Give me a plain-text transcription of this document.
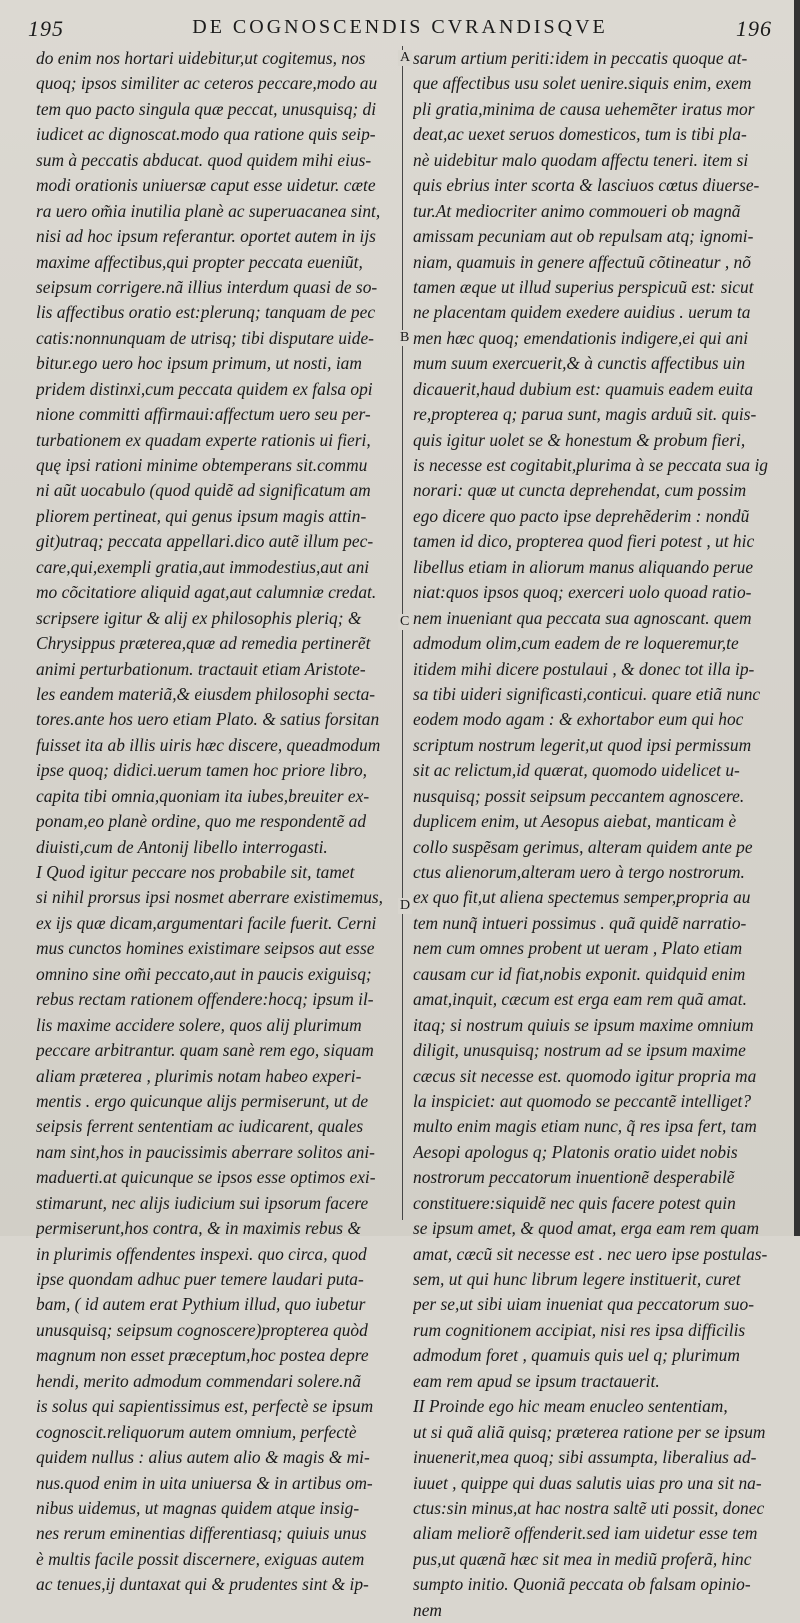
195	DE COGNOSCENDIS CVRANDISQVE	196
A
B
C
D
do enim nos hortari uidebitur,ut cogitemus, nos
quoq; ipsos similiter ac ceteros peccare,modo au
tem quo pacto singula quæ peccat, unusquisq; di
iudicet ac dignoscat.modo qua ratione quis seip-
sum à peccatis abducat. quod quidem mihi eius-
modi orationis uniuersæ caput esse uidetur. cæte
ra uero om̃ia inutilia planè ac superuacanea sint,
nisi ad hoc ipsum referantur. oportet autem in ijs
maxime affectibus,qui propter peccata eueniũt,
seipsum corrigere.nã illius interdum quasi de so-
lis affectibus oratio est:plerunq; tanquam de pec
catis:nonnunquam de utrisq; tibi disputare uide-
bitur.ego uero hoc ipsum primum, ut nosti, iam
pridem distinxi,cum peccata quidem ex falsa opi
nione committi affirmaui:affectum uero seu per-
turbationem ex quadam experte rationis ui fieri,
quę ipsi rationi minime obtemperans sit.commu
ni aũt uocabulo (quod quidẽ ad significatum am
pliorem pertineat, qui genus ipsum magis attin-
git)utraq; peccata appellari.dico autẽ illum pec-
care,qui,exempli gratia,aut immodestius,aut ani
mo cõcitatiore aliquid agat,aut calumniæ credat.
scripsere igitur & alij ex philosophis pleriq; &
Chrysippus præterea,quæ ad remedia pertinerẽt
animi perturbationum. tractauit etiam Aristote-
les eandem materiã,& eiusdem philosophi secta-
tores.ante hos uero etiam Plato. & satius forsitan
fuisset ita ab illis uiris hæc discere, queadmodum
ipse quoq; didici.uerum tamen hoc priore libro,
capita tibi omnia,quoniam ita iubes,breuiter ex-
ponam,eo planè ordine, quo me respondentẽ ad
diuisti,cum de Antonij libello interrogasti.
I Quod igitur peccare nos probabile sit, tamet
si nihil prorsus ipsi nosmet aberrare existimemus,
ex ijs quæ dicam,argumentari facile fuerit. Cerni
mus cunctos homines existimare seipsos aut esse
omnino sine om̃i peccato,aut in paucis exiguisq;
rebus rectam rationem offendere:hocq; ipsum il-
lis maxime accidere solere, quos alij plurimum
peccare arbitrantur. quam sanè rem ego, siquam
aliam præterea , plurimis notam habeo experi-
mentis . ergo quicunque alijs permiserunt, ut de
seipsis ferrent sententiam ac iudicarent, quales
nam sint,hos in paucissimis aberrare solitos ani-
maduerti.at quicunque se ipsos esse optimos exi-
stimarunt, nec alijs iudicium sui ipsorum facere
permiserunt,hos contra, & in maximis rebus &
in plurimis offendentes inspexi. quo circa, quod
ipse quondam adhuc puer temere laudari puta-
bam, ( id autem erat Pythium illud, quo iubetur
unusquisq; seipsum cognoscere)propterea quòd
magnum non esset præceptum,hoc postea depre
hendi, merito admodum commendari solere.nã
is solus qui sapientissimus est, perfectè se ipsum
cognoscit.reliquorum autem omnium, perfectè
quidem nullus : alius autem alio & magis & mi-
nus.quod enim in uita uniuersa & in artibus om-
nibus uidemus, ut magnas quidem atque insig-
nes rerum eminentias differentiasq; quiuis unus
è multis facile possit discernere, exiguas autem
ac tenues,ij duntaxat qui & prudentes sint & ip-
sarum artium periti:idem in peccatis quoque at-
que affectibus usu solet uenire.siquis enim, exem
pli gratia,minima de causa uehemẽter iratus mor
deat,ac uexet seruos domesticos, tum is tibi pla-
nè uidebitur malo quodam affectu teneri. item si
quis ebrius inter scorta & lasciuos cœtus diuerse-
tur.At mediocriter animo commoueri ob magnã
amissam pecuniam aut ob repulsam atq; ignomi-
niam, quamuis in genere affectuũ cõtineatur , nõ
tamen æque ut illud superius perspicuũ est: sicut
ne placentam quidem exedere auidius . uerum ta
men hæc quoq; emendationis indigere,ei qui ani
mum suum exercuerit,& à cunctis affectibus uin
dicauerit,haud dubium est: quamuis eadem euita
re,propterea q; parua sunt, magis arduũ sit. quis-
quis igitur uolet se & honestum & probum fieri,
is necesse est cogitabit,plurima à se peccata sua ig
norari: quæ ut cuncta deprehendat, cum possim
ego dicere quo pacto ipse deprehẽderim : nondũ
tamen id dico, propterea quod fieri potest , ut hic
libellus etiam in aliorum manus aliquando perue
niat:quos ipsos quoq; exerceri uolo quoad ratio-
nem inueniant qua peccata sua agnoscant. quem
admodum olim,cum eadem de re loqueremur,te
itidem mihi dicere postulaui , & donec tot illa ip-
sa tibi uideri significasti,conticui. quare etiã nunc
eodem modo agam : & exhortabor eum qui hoc
scriptum nostrum legerit,ut quod ipsi permissum
sit ac relictum,id quærat, quomodo uidelicet u-
nusquisq; possit seipsum peccantem agnoscere.
duplicem enim, ut Aesopus aiebat, manticam è
collo suspẽsam gerimus, alteram quidem ante pe
ctus alienorum,alteram uero à tergo nostrorum.
ex quo fit,ut aliena spectemus semper,propria au
tem nunq̃ intueri possimus . quã quidẽ narratio-
nem cum omnes probent ut ueram , Plato etiam
causam cur id fiat,nobis exponit. quidquid enim
amat,inquit, cæcum est erga eam rem quã amat.
itaq; si nostrum quiuis se ipsum maxime omnium
diligit, unusquisq; nostrum ad se ipsum maxime
cæcus sit necesse est. quomodo igitur propria ma
la inspiciet: aut quomodo se peccantẽ intelliget?
multo enim magis etiam nunc, q̃ res ipsa fert, tam
Aesopi apologus q; Platonis oratio uidet nobis
nostrorum peccatorum inuentionẽ desperabilẽ
constituere:siquidẽ nec quis facere potest quin
se ipsum amet, & quod amat, erga eam rem quam
amat, cæcũ sit necesse est . nec uero ipse postulas-
sem, ut qui hunc librum legere instituerit, curet
per se,ut sibi uiam inueniat qua peccatorum suo-
rum cognitionem accipiat, nisi res ipsa difficilis
admodum foret , quamuis quis uel q; plurimum
eam rem apud se ipsum tractauerit.
II Proinde ego hic meam enucleo sententiam,
ut si quã aliã quisq; præterea ratione per se ipsum
inuenerit,mea quoq; sibi assumpta, liberalius ad-
iuuet , quippe qui duas salutis uias pro una sit na-
ctus:sin minus,at hac nostra saltẽ uti possit, donec
aliam meliorẽ offenderit.sed iam uidetur esse tem
pus,ut quænã hæc sit mea in mediũ proferã, hinc
sumpto initio. Quoniã peccata ob falsam opinio-
nem
